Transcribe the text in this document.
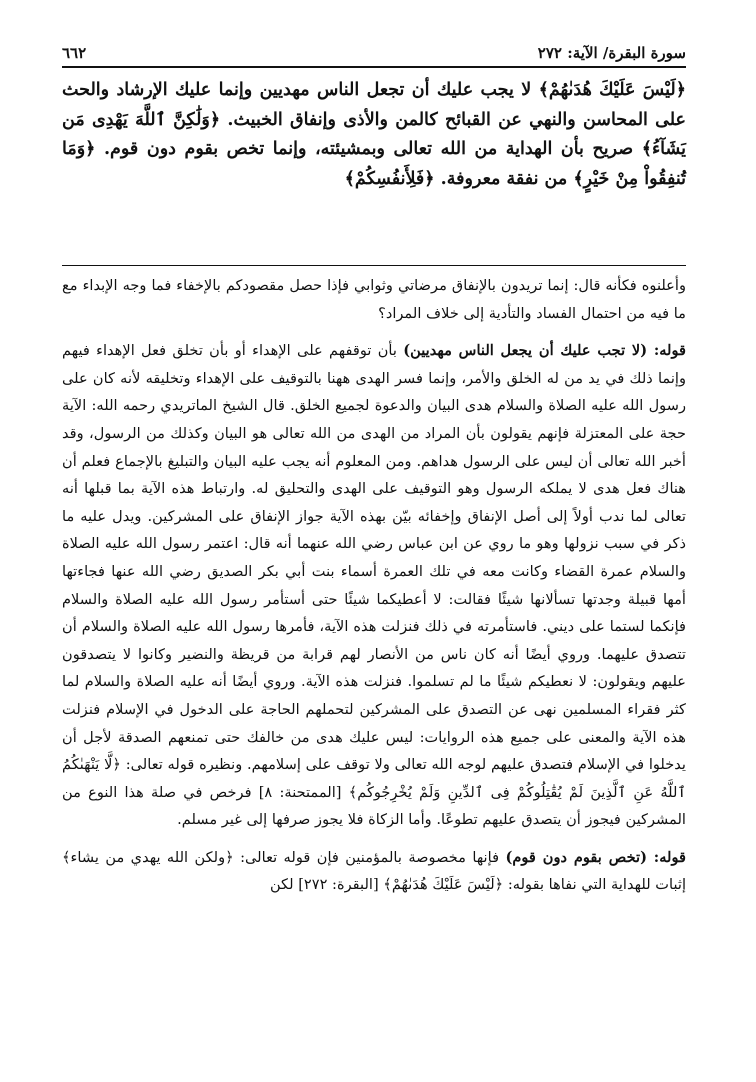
سورة البقرة/ الآية: ٢٧٢
٦٦٢
﴿لَيْسَ عَلَيْكَ هُدَىٰهُمْ﴾ لا يجب عليك أن تجعل الناس مهديين وإنما عليك الإرشاد والحث على المحاسن والنهي عن القبائح كالمن والأذى وإنفاق الخبيث. ﴿وَلَٰكِنَّ ٱللَّهَ يَهْدِى مَن يَشَآءُ﴾ صريح بأن الهداية من الله تعالى وبمشيئته، وإنما تخص بقوم دون قوم. ﴿وَمَا تُنفِقُواْ مِنْ خَيْرٍ﴾ من نفقة معروفة. ﴿فَلِأَنفُسِكُمْ﴾

وأعلنوه فكأنه قال: إنما تريدون بالإنفاق مرضاتي وثوابي فإذا حصل مقصودكم بالإخفاء فما وجه الإبداء مع ما فيه من احتمال الفساد والتأدية إلى خلاف المراد؟

قوله: (لا تجب عليك أن يجعل الناس مهديين) بأن توقفهم على الإهداء أو بأن تخلق فعل الإهداء فيهم وإنما ذلك في يد من له الخلق والأمر، وإنما فسر الهدى ههنا بالتوقيف على الإهداء وتخليقه لأنه كان على رسول الله عليه الصلاة والسلام هدى البيان والدعوة لجميع الخلق. قال الشيخ الماتريدي رحمه الله: الآية حجة على المعتزلة فإنهم يقولون بأن المراد من الهدى من الله تعالى هو البيان وكذلك من الرسول، وقد أخبر الله تعالى أن ليس على الرسول هداهم. ومن المعلوم أنه يجب عليه البيان والتبليغ بالإجماع فعلم أن هناك فعل هدى لا يملكه الرسول وهو التوقيف على الهدى والتحليق له. وارتباط هذه الآية بما قبلها أنه تعالى لما ندب أولاً إلى أصل الإنفاق وإخفائه بيّن بهذه الآية جواز الإنفاق على المشركين. ويدل عليه ما ذكر في سبب نزولها وهو ما روي عن ابن عباس رضي الله عنهما أنه قال: اعتمر رسول الله عليه الصلاة والسلام عمرة القضاء وكانت معه في تلك العمرة أسماء بنت أبي بكر الصديق رضي الله عنها فجاءتها أمها قبيلة وجدتها تسألانها شيئًا فقالت: لا أعطيكما شيئًا حتى أستأمر رسول الله عليه الصلاة والسلام فإنكما لستما على ديني. فاستأمرته في ذلك فنزلت هذه الآية، فأمرها رسول الله عليه الصلاة والسلام أن تتصدق عليهما. وروي أيضًا أنه كان ناس من الأنصار لهم قرابة من قريظة والنضير وكانوا لا يتصدقون عليهم ويقولون: لا نعطيكم شيئًا ما لم تسلموا. فنزلت هذه الآية. وروي أيضًا أنه عليه الصلاة والسلام لما كثر فقراء المسلمين نهى عن التصدق على المشركين لتحملهم الحاجة على الدخول في الإسلام فنزلت هذه الآية والمعنى على جميع هذه الروايات: ليس عليك هدى من خالفك حتى تمنعهم الصدقة لأجل أن يدخلوا في الإسلام فتصدق عليهم لوجه الله تعالى ولا توقف على إسلامهم. ونظيره قوله تعالى: ﴿لَّا يَنْهَىٰكُمُ ٱللَّهُ عَنِ ٱلَّذِينَ لَمْ يُقَٰتِلُوكُمْ فِى ٱلدِّينِ وَلَمْ يُخْرِجُوكُم﴾ [الممتحنة: ٨] فرخص في صلة هذا النوع من المشركين فيجوز أن يتصدق عليهم تطوعًا. وأما الزكاة فلا يجوز صرفها إلى غير مسلم.

قوله: (تخص بقوم دون قوم) فإنها مخصوصة بالمؤمنين فإن قوله تعالى: ﴿ولكن الله يهدي من يشاء﴾ إثبات للهداية التي نفاها بقوله: ﴿لَيْسَ عَلَيْكَ هُدَىٰهُمْ﴾ [البقرة: ٢٧٢] لكن
